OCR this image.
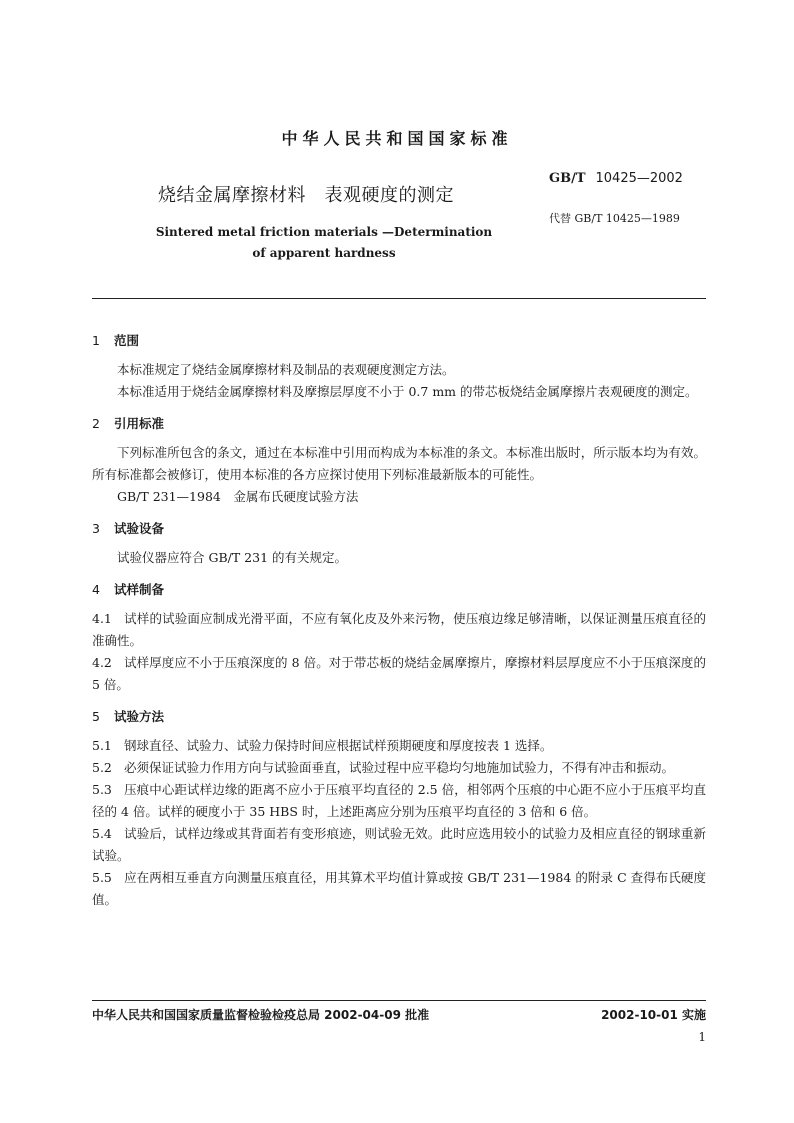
中华人民共和国国家标准
烧结金属摩擦材料　表观硬度的测定
GB/T 10425—2002
代替 GB/T 10425—1989
Sintered metal friction materials —Determination
of apparent hardness

1 范围

本标准规定了烧结金属摩擦材料及制品的表观硬度测定方法。

本标准适用于烧结金属摩擦材料及摩擦层厚度不小于 0.7 mm 的带芯板烧结金属摩擦片表观硬度的测定。

2 引用标准

下列标准所包含的条文，通过在本标准中引用而构成为本标准的条文。本标准出版时，所示版本均为有效。所有标准都会被修订，使用本标准的各方应探讨使用下列标准最新版本的可能性。

GB/T 231—1984　金属布氏硬度试验方法

3 试验设备

试验仪器应符合 GB/T 231 的有关规定。

4 试样制备

4.1 试样的试验面应制成光滑平面，不应有氧化皮及外来污物，使压痕边缘足够清晰，以保证测量压痕直径的准确性。

4.2 试样厚度应不小于压痕深度的 8 倍。对于带芯板的烧结金属摩擦片，摩擦材料层厚度应不小于压痕深度的 5 倍。

5 试验方法

5.1 钢球直径、试验力、试验力保持时间应根据试样预期硬度和厚度按表 1 选择。

5.2 必须保证试验力作用方向与试验面垂直，试验过程中应平稳均匀地施加试验力，不得有冲击和振动。

5.3 压痕中心距试样边缘的距离不应小于压痕平均直径的 2.5 倍，相邻两个压痕的中心距不应小于压痕平均直径的 4 倍。试样的硬度小于 35 HBS 时，上述距离应分别为压痕平均直径的 3 倍和 6 倍。

5.4 试验后，试样边缘或其背面若有变形痕迹，则试验无效。此时应选用较小的试验力及相应直径的钢球重新试验。

5.5 应在两相互垂直方向测量压痕直径，用其算术平均值计算或按 GB/T 231—1984 的附录 C 查得布氏硬度值。

中华人民共和国国家质量监督检验检疫总局 2002-04-09 批准	2002-10-01 实施
1
